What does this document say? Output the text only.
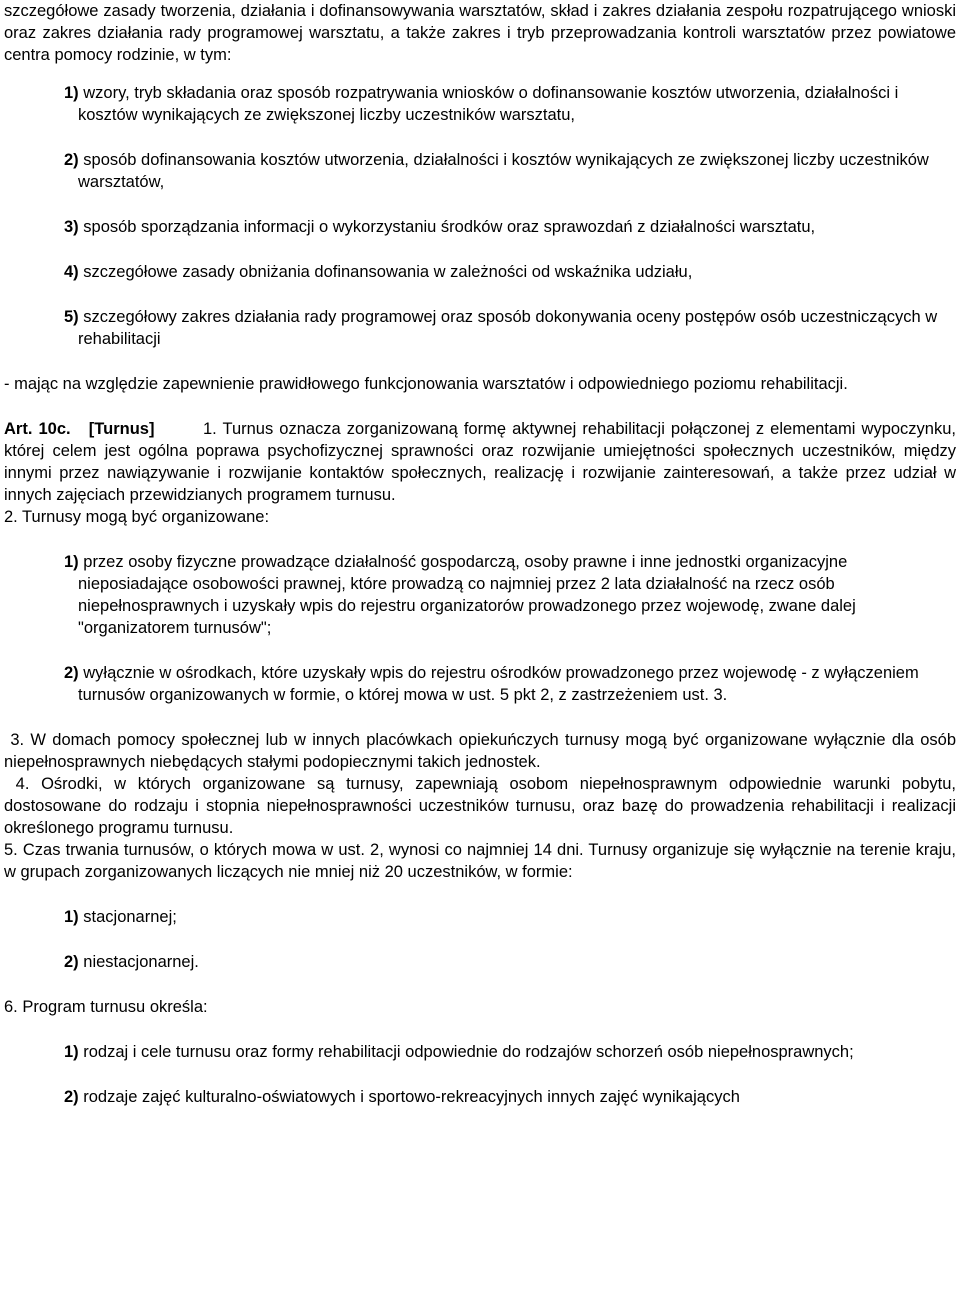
szczegółowe zasady tworzenia, działania i dofinansowywania warsztatów, skład i zakres działania zespołu rozpatrującego wnioski oraz zakres działania rady programowej warsztatu, a także zakres i tryb przeprowadzania kontroli warsztatów przez powiatowe centra pomocy rodzinie, w tym:

1) wzory, tryb składania oraz sposób rozpatrywania wniosków o dofinansowanie kosztów utworzenia, działalności i kosztów wynikających ze zwiększonej liczby uczestników warsztatu,
2) sposób dofinansowania kosztów utworzenia, działalności i kosztów wynikających ze zwiększonej liczby uczestników warsztatów,
3) sposób sporządzania informacji o wykorzystaniu środków oraz sprawozdań z działalności warsztatu,
4) szczegółowe zasady obniżania dofinansowania w zależności od wskaźnika udziału,
5) szczegółowy zakres działania rady programowej oraz sposób dokonywania oceny postępów osób uczestniczących w rehabilitacji

- mając na względzie zapewnienie prawidłowego funkcjonowania warsztatów i odpowiedniego poziomu rehabilitacji.

Art. 10c. [Turnus]	1. Turnus oznacza zorganizowaną formę aktywnej rehabilitacji połączonej z elementami wypoczynku, której celem jest ogólna poprawa psychofizycznej sprawności oraz rozwijanie umiejętności społecznych uczestników, między innymi przez nawiązywanie i rozwijanie kontaktów społecznych, realizację i rozwijanie zainteresowań, a także przez udział w innych zajęciach przewidzianych programem turnusu.

2. Turnusy mogą być organizowane:

1) przez osoby fizyczne prowadzące działalność gospodarczą, osoby prawne i inne jednostki organizacyjne nieposiadające osobowości prawnej, które prowadzą co najmniej przez 2 lata działalność na rzecz osób niepełnosprawnych i uzyskały wpis do rejestru organizatorów prowadzonego przez wojewodę, zwane dalej "organizatorem turnusów";
2) wyłącznie w ośrodkach, które uzyskały wpis do rejestru ośrodków prowadzonego przez wojewodę - z wyłączeniem turnusów organizowanych w formie, o której mowa w ust. 5 pkt 2, z zastrzeżeniem ust. 3.

3. W domach pomocy społecznej lub w innych placówkach opiekuńczych turnusy mogą być organizowane wyłącznie dla osób niepełnosprawnych niebędących stałymi podopiecznymi takich jednostek.

4. Ośrodki, w których organizowane są turnusy, zapewniają osobom niepełnosprawnym odpowiednie warunki pobytu, dostosowane do rodzaju i stopnia niepełnosprawności uczestników turnusu, oraz bazę do prowadzenia rehabilitacji i realizacji określonego programu turnusu.

5. Czas trwania turnusów, o których mowa w ust. 2, wynosi co najmniej 14 dni. Turnusy organizuje się wyłącznie na terenie kraju, w grupach zorganizowanych liczących nie mniej niż 20 uczestników, w formie:

1) stacjonarnej;
2) niestacjonarnej.

6. Program turnusu określa:

1) rodzaj i cele turnusu oraz formy rehabilitacji odpowiednie do rodzajów schorzeń osób niepełnosprawnych;
2) rodzaje zajęć kulturalno-oświatowych i sportowo-rekreacyjnych innych zajęć wynikających
